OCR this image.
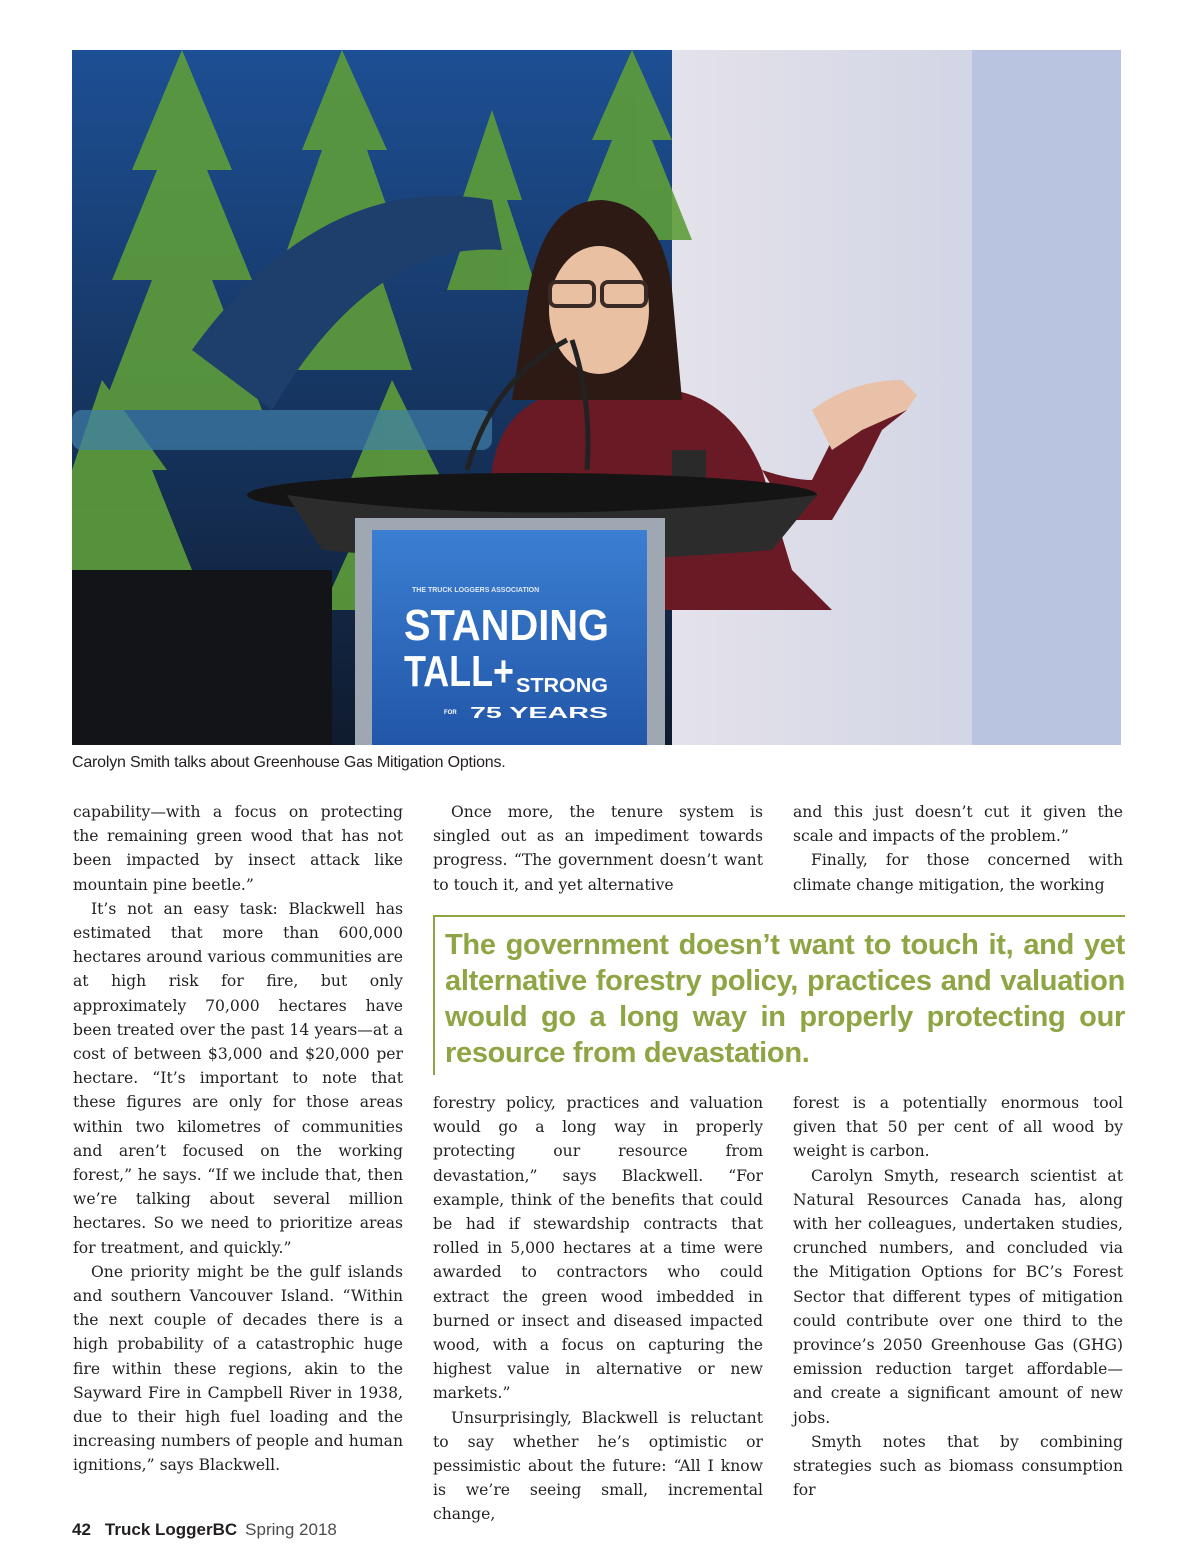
THE TRUCK LOGGERS ASSOCIATION
STANDING
TALL+ STRONG
FOR 75 YEARS
Carolyn Smith talks about Greenhouse Gas Mitigation Options.

capability—with a focus on protecting the remaining green wood that has not been impacted by insect attack like mountain pine beetle.”

It’s not an easy task: Blackwell has estimated that more than 600,000 hectares around various communities are at high risk for fire, but only approximately 70,000 hectares have been treated over the past 14 years—at a cost of between $3,000 and $20,000 per hectare. “It’s important to note that these figures are only for those areas within two kilometres of communities and aren’t focused on the working forest,” he says. “If we include that, then we’re talking about several million hectares. So we need to prioritize areas for treatment, and quickly.”

One priority might be the gulf islands and southern Vancouver Island. “Within the next couple of decades there is a high probability of a catastrophic huge fire within these regions, akin to the Sayward Fire in Campbell River in 1938, due to their high fuel loading and the increasing numbers of people and human ignitions,” says Blackwell.

Once more, the tenure system is singled out as an impediment towards progress. “The government doesn’t want to touch it, and yet alternative

and this just doesn’t cut it given the scale and impacts of the problem.”

Finally, for those concerned with climate change mitigation, the working

The government doesn’t want to touch it, and yet alternative forestry policy, practices and valuation would go a long way in properly protecting our resource from devastation.

forestry policy, practices and valuation would go a long way in properly protecting our resource from devastation,” says Blackwell. “For example, think of the benefits that could be had if stewardship contracts that rolled in 5,000 hectares at a time were awarded to contractors who could extract the green wood imbedded in burned or insect and diseased impacted wood, with a focus on capturing the highest value in alternative or new markets.”

Unsurprisingly, Blackwell is reluctant to say whether he’s optimistic or pessimistic about the future: “All I know is we’re seeing small, incremental change,

forest is a potentially enormous tool given that 50 per cent of all wood by weight is carbon.

Carolyn Smyth, research scientist at Natural Resources Canada has, along with her colleagues, undertaken studies, crunched numbers, and concluded via the Mitigation Options for BC’s Forest Sector that different types of mitigation could contribute over one third to the province’s 2050 Greenhouse Gas (GHG) emission reduction target affordable—and create a significant amount of new jobs.

Smyth notes that by combining strategies such as biomass consumption for

42 Truck LoggerBC Spring 2018
